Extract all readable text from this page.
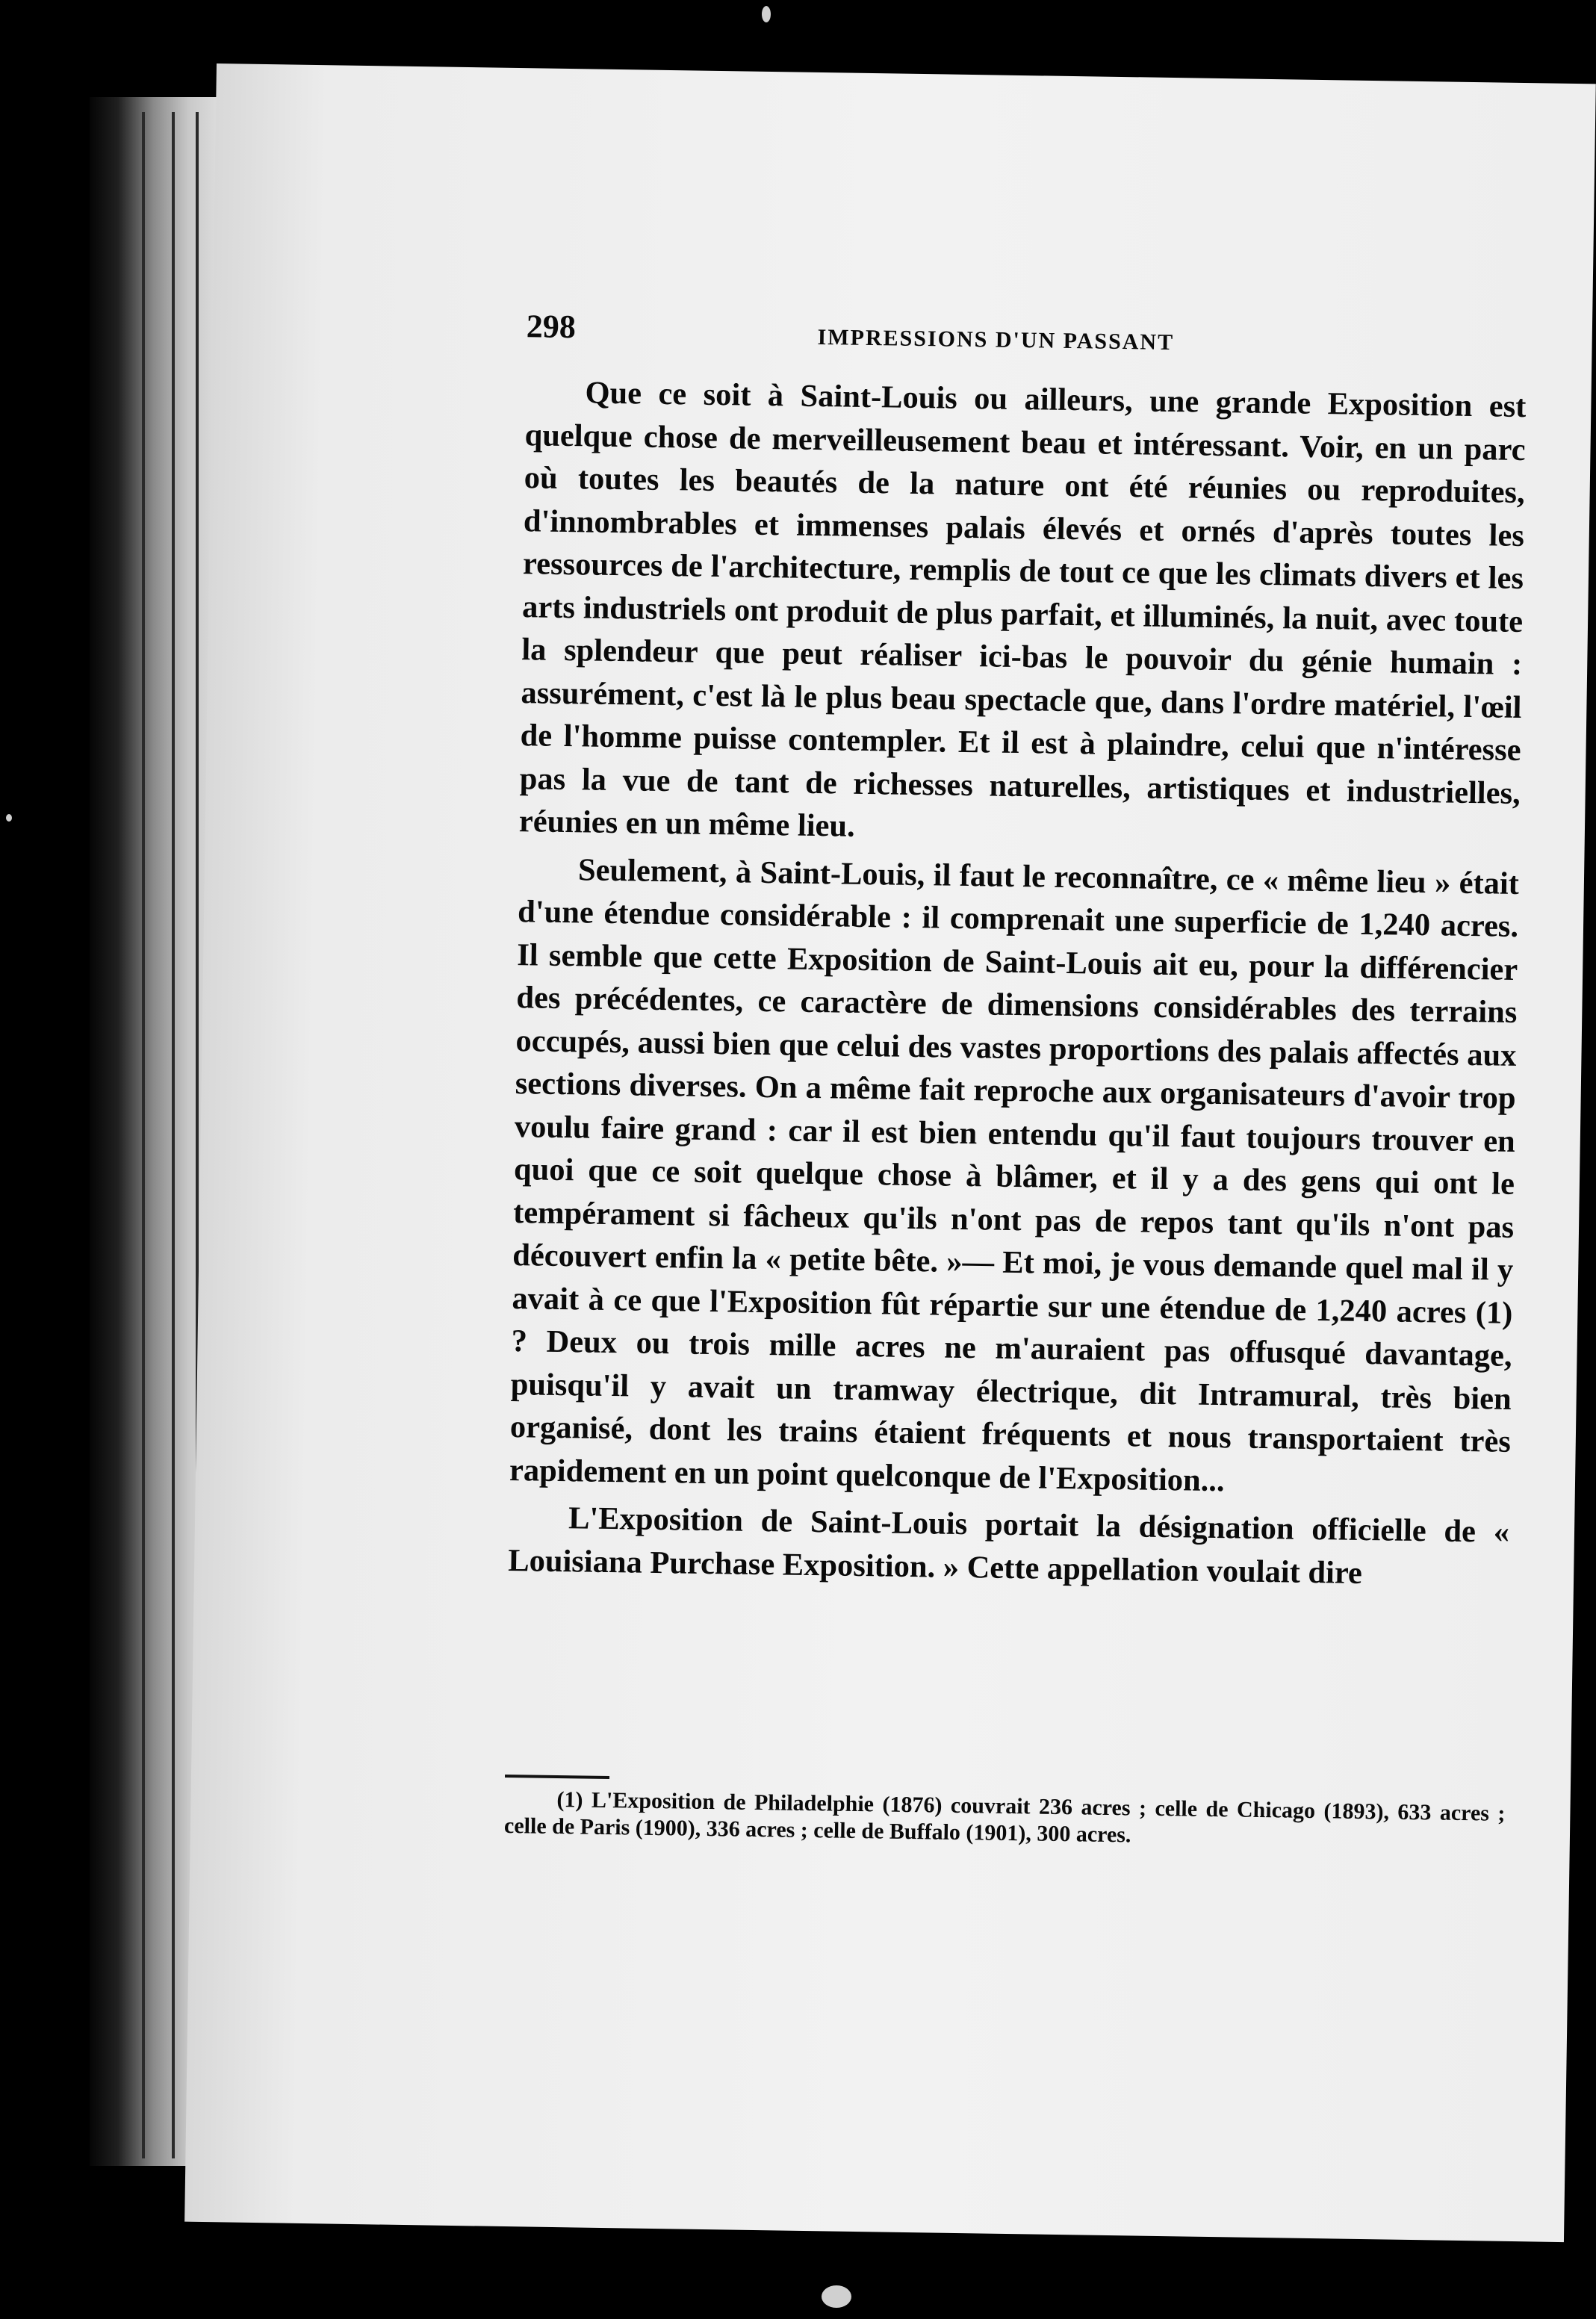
298	IMPRESSIONS D'UN PASSANT

Que ce soit à Saint-Louis ou ailleurs, une grande Exposition est quelque chose de merveilleusement beau et intéressant. Voir, en un parc où toutes les beautés de la nature ont été réunies ou reproduites, d'innombrables et immenses palais élevés et ornés d'après toutes les ressources de l'architecture, remplis de tout ce que les climats divers et les arts industriels ont produit de plus parfait, et illuminés, la nuit, avec toute la splendeur que peut réaliser ici-bas le pouvoir du génie humain : assurément, c'est là le plus beau spectacle que, dans l'ordre matériel, l'œil de l'homme puisse contempler. Et il est à plaindre, celui que n'intéresse pas la vue de tant de richesses naturelles, artistiques et industrielles, réunies en un même lieu.

Seulement, à Saint-Louis, il faut le reconnaître, ce « même lieu » était d'une étendue considérable : il comprenait une superficie de 1,240 acres. Il semble que cette Exposition de Saint-Louis ait eu, pour la différencier des précédentes, ce caractère de dimensions considérables des terrains occupés, aussi bien que celui des vastes proportions des palais affectés aux sections diverses. On a même fait reproche aux organisateurs d'avoir trop voulu faire grand : car il est bien entendu qu'il faut toujours trouver en quoi que ce soit quelque chose à blâmer, et il y a des gens qui ont le tempérament si fâcheux qu'ils n'ont pas de repos tant qu'ils n'ont pas découvert enfin la « petite bête. »— Et moi, je vous demande quel mal il y avait à ce que l'Exposition fût répartie sur une étendue de 1,240 acres (1) ? Deux ou trois mille acres ne m'auraient pas offusqué davantage, puisqu'il y avait un tramway électrique, dit Intramural, très bien organisé, dont les trains étaient fréquents et nous transportaient très rapidement en un point quelconque de l'Exposition...

L'Exposition de Saint-Louis portait la désignation officielle de « Louisiana Purchase Exposition. » Cette appellation voulait dire

(1) L'Exposition de Philadelphie (1876) couvrait 236 acres ; celle de Chicago (1893), 633 acres ; celle de Paris (1900), 336 acres ; celle de Buffalo (1901), 300 acres.
